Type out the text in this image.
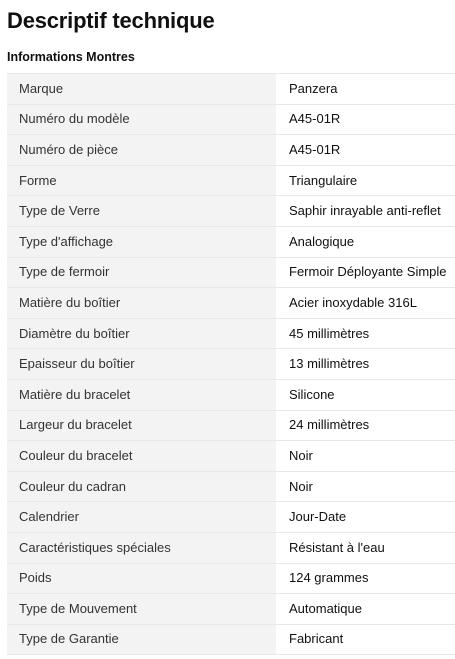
Descriptif technique
Informations Montres
Marque	Panzera
Numéro du modèle	A45-01R
Numéro de pièce	A45-01R
Forme	Triangulaire
Type de Verre	Saphir inrayable anti-reflet
Type d'affichage	Analogique
Type de fermoir	Fermoir Déployante Simple
Matière du boîtier	Acier inoxydable 316L
Diamètre du boîtier	45 millimètres
Epaisseur du boîtier	13 millimètres
Matière du bracelet	Silicone
Largeur du bracelet	24 millimètres
Couleur du bracelet	Noir
Couleur du cadran	Noir
Calendrier	Jour-Date
Caractéristiques spéciales	Résistant à l'eau
Poids	124 grammes
Type de Mouvement	Automatique
Type de Garantie	Fabricant
